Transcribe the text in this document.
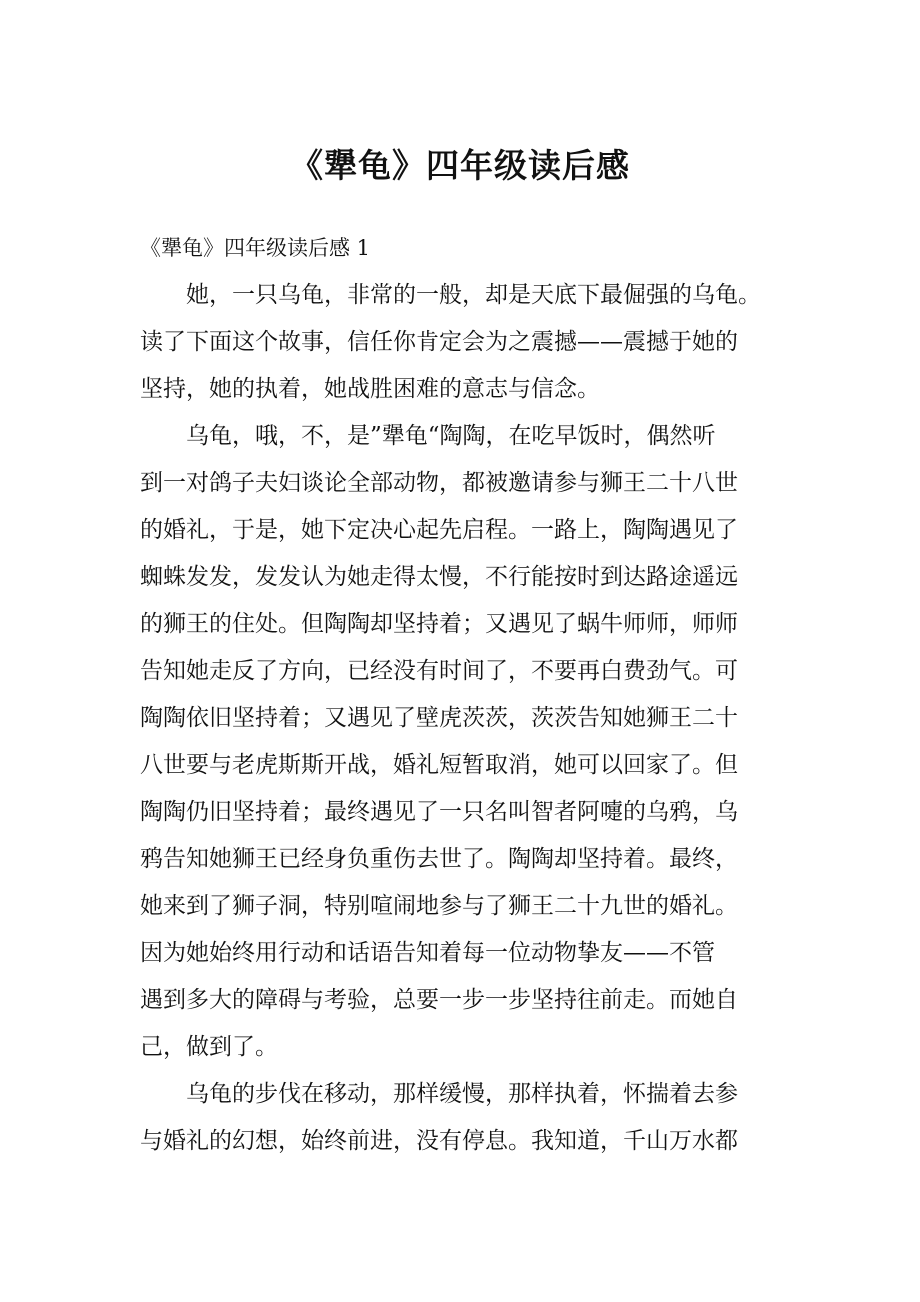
《犟龟》四年级读后感
《犟龟》四年级读后感 1
她，一只乌龟，非常的一般，却是天底下最倔强的乌龟。
读了下面这个故事，信任你肯定会为之震撼——震撼于她的
坚持，她的执着，她战胜困难的意志与信念。
乌龟，哦，不，是”犟龟“陶陶，在吃早饭时，偶然听
到一对鸽子夫妇谈论全部动物，都被邀请参与狮王二十八世
的婚礼，于是，她下定决心起先启程。一路上，陶陶遇见了
蜘蛛发发，发发认为她走得太慢，不行能按时到达路途遥远
的狮王的住处。但陶陶却坚持着；又遇见了蜗牛师师，师师
告知她走反了方向，已经没有时间了，不要再白费劲气。可
陶陶依旧坚持着；又遇见了壁虎茨茨，茨茨告知她狮王二十
八世要与老虎斯斯开战，婚礼短暂取消，她可以回家了。但
陶陶仍旧坚持着；最终遇见了一只名叫智者阿嚏的乌鸦，乌
鸦告知她狮王已经身负重伤去世了。陶陶却坚持着。最终，
她来到了狮子洞，特别喧闹地参与了狮王二十九世的婚礼。
因为她始终用行动和话语告知着每一位动物挚友——不管
遇到多大的障碍与考验，总要一步一步坚持往前走。而她自
己，做到了。
乌龟的步伐在移动，那样缓慢，那样执着，怀揣着去参
与婚礼的幻想，始终前进，没有停息。我知道，千山万水都
